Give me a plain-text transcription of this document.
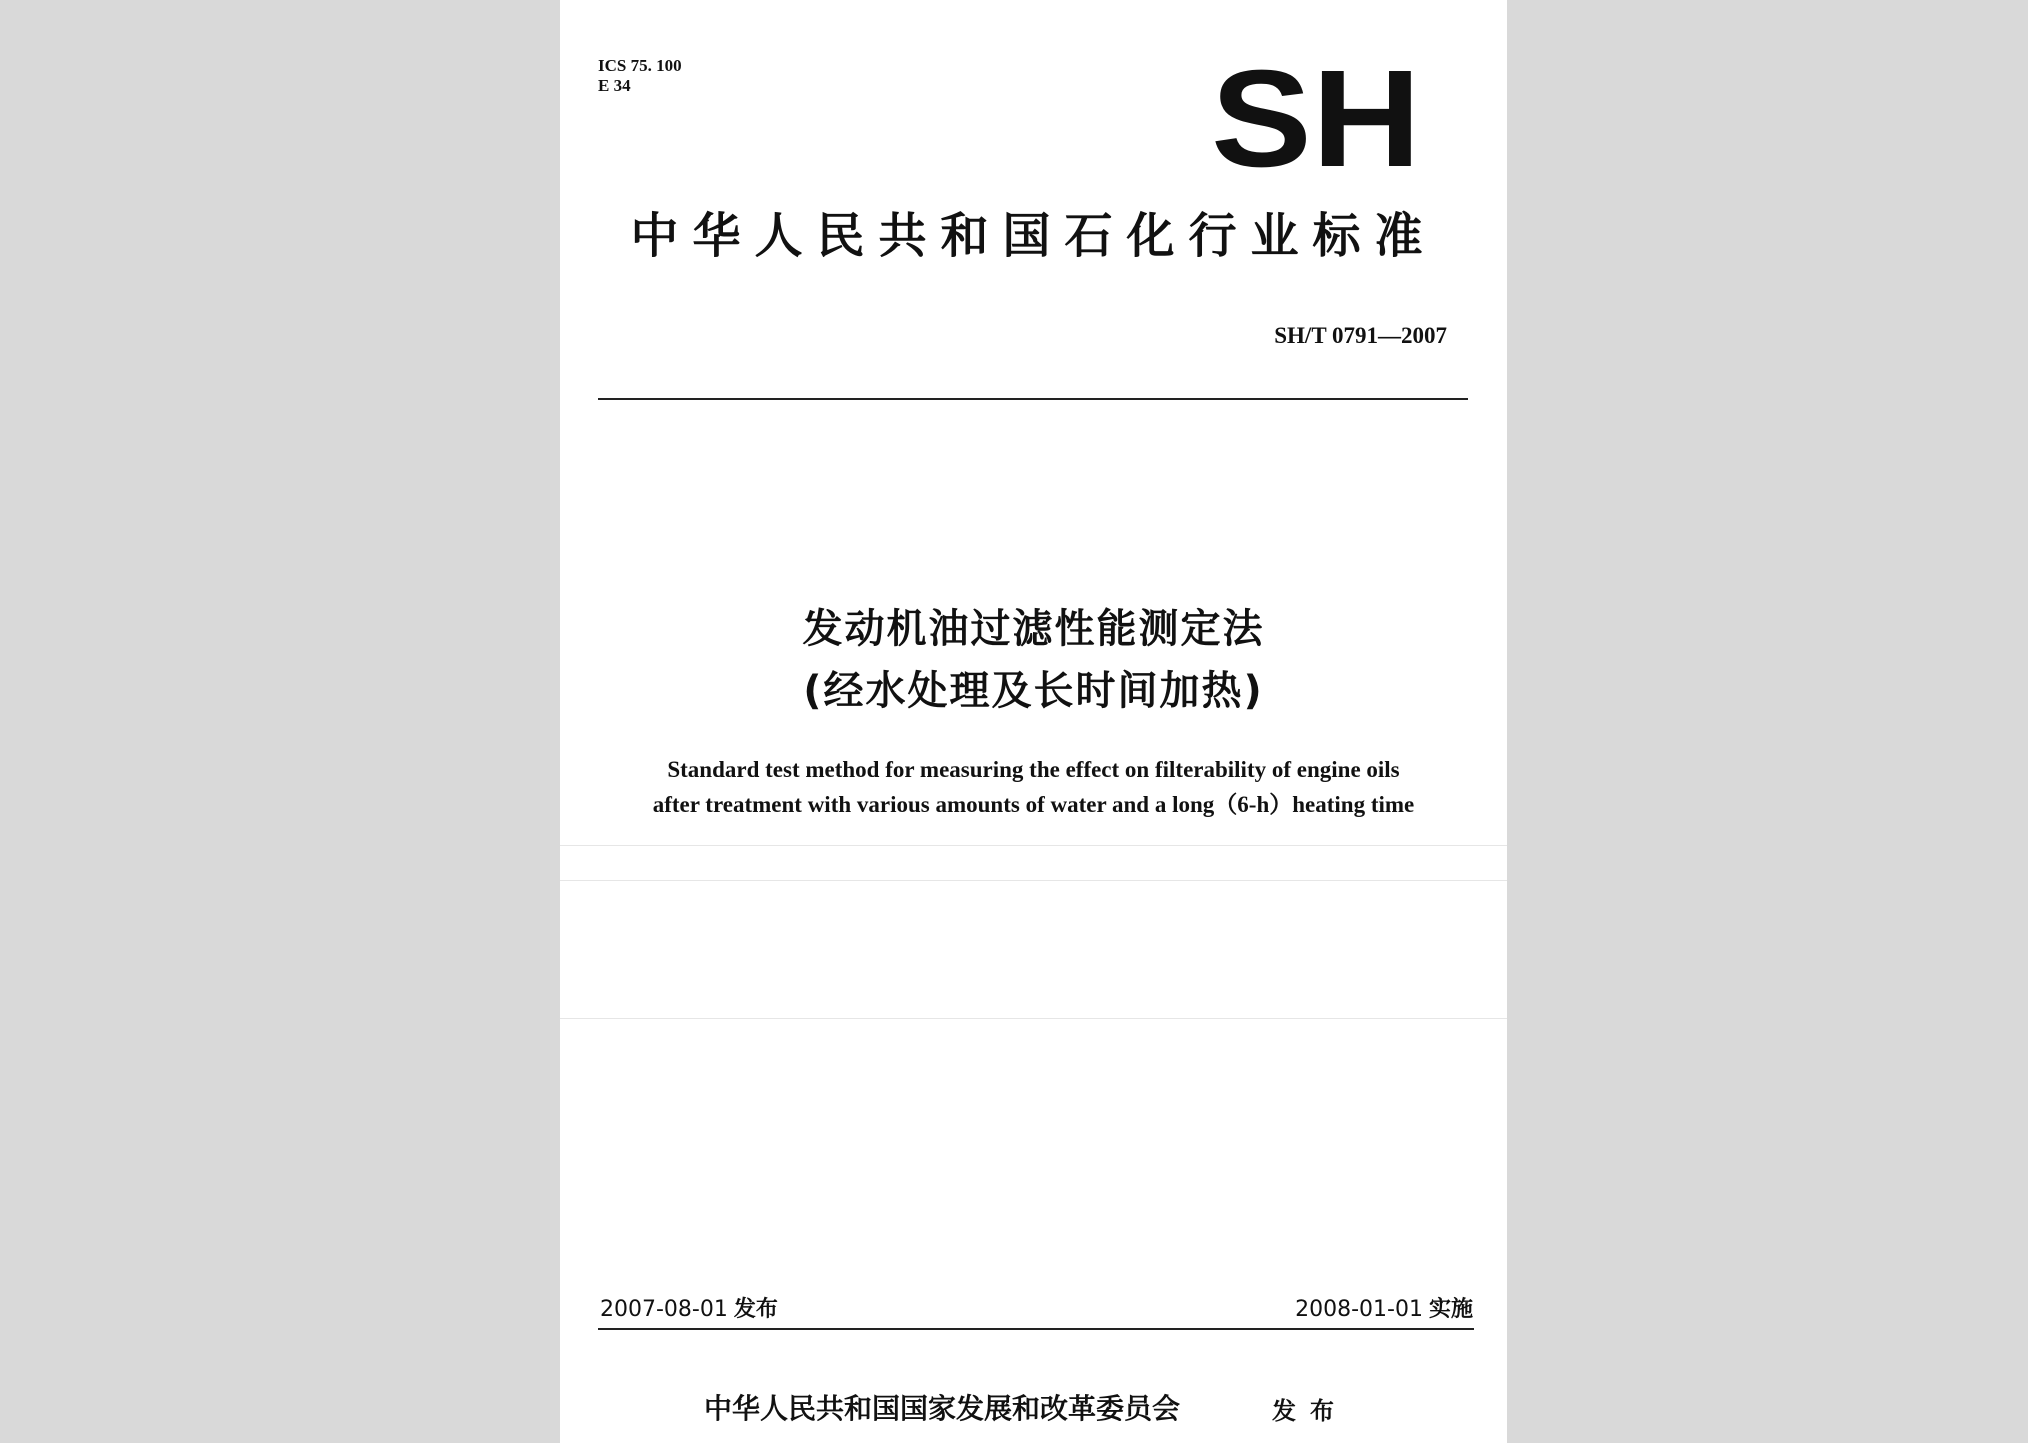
ICS 75. 100
E 34	SH
中华人民共和国石化行业标准
SH/T 0791—2007
发动机油过滤性能测定法
(经水处理及长时间加热)
Standard test method for measuring the effect on filterability of engine oils
after treatment with various amounts of water and a long（6-h）heating time
2007-08-01 发布	2008-01-01 实施
中华人民共和国国家发展和改革委员会	发布
